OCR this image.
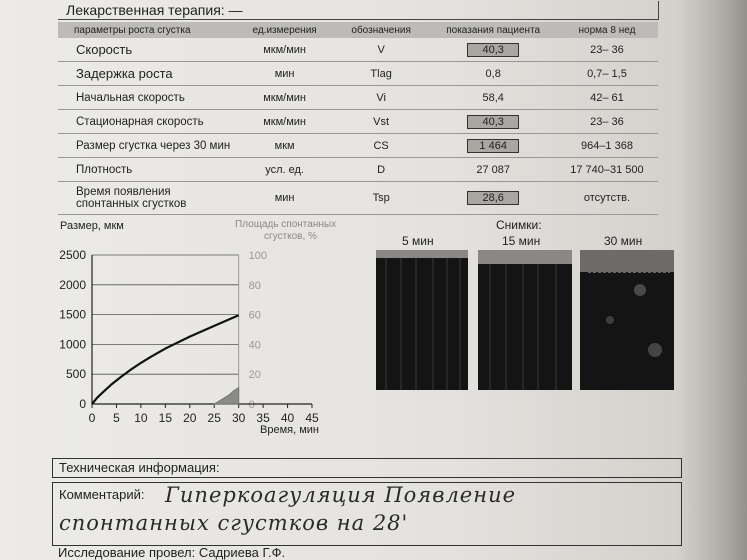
Лекарственная терапия: —
параметры роста сгустка	ед.измерения	обозначения	показания пациента	норма 8 нед
Скорость	мкм/мин	V	40,3	23– 36
Задержка роста	мин	Tlag	0,8	0,7– 1,5
Начальная скорость	мкм/мин	Vi	58,4	42– 61
Стационарная скорость	мкм/мин	Vst	40,3	23– 36
Размер сгустка через 30 мин	мкм	CS	1 464	964–1 368
Плотность	усл. ед.	D	27 087	17 740–31 500
Время появления спонтанных сгустков	мин	Tsp	28,6	отсутств.
Размер, мкм	Площадь спонтанных сгустков, %
Время, мин
0
500
1000
1500
2000
2500
0
20
40
60
80
100
0 5 10 15 20 25 30 35 40 45
Снимки:
5 мин	15 мин	30 мин
Техническая информация:
Комментарий: Гиперкоагуляция Появление
спонтанных сгустков на 28'
Исследование провел: Садриева Г.Ф.
